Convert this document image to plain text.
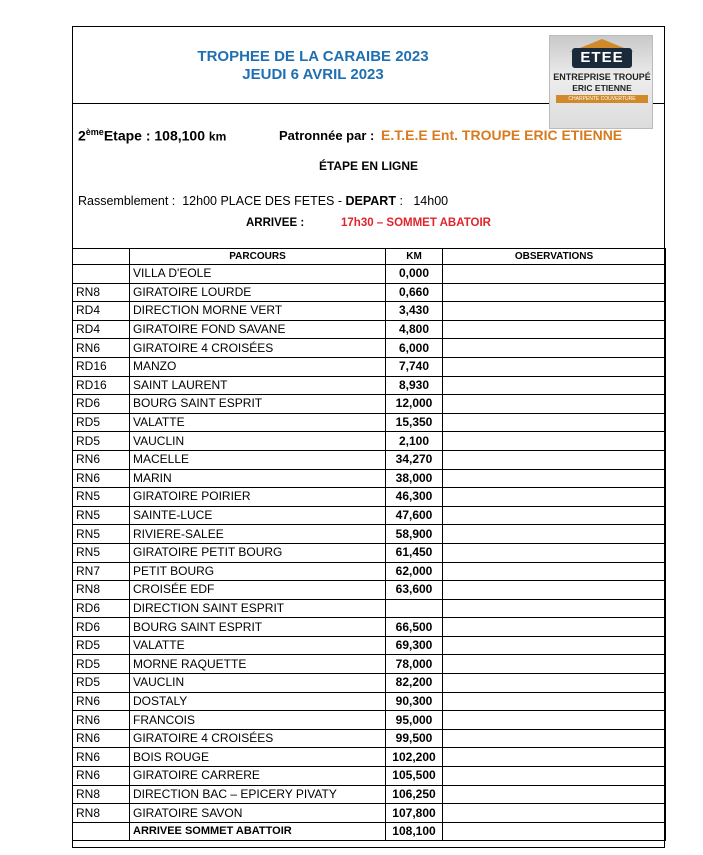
TROPHEE DE LA CARAIBE 2023
JEUDI 6 AVRIL 2023
ETEE
ENTREPRISE TROUPÉ
ERIC ETIENNE
CHARPENTE COUVERTURE
2èmeEtape : 108,100 km	Patronnée par : E.T.E.E Ent. TROUPE ERIC ETIENNE
ÉTAPE EN LIGNE
Rassemblement : 12h00 PLACE DES FETES - DEPART : 14h00
ARRIVEE :	17h30 – SOMMET ABATOIR
	PARCOURS	KM	OBSERVATIONS
	VILLA D'EOLE	0,000	
RN8	GIRATOIRE LOURDE	0,660	
RD4	DIRECTION MORNE VERT	3,430	
RD4	GIRATOIRE FOND SAVANE	4,800	
RN6	GIRATOIRE 4 CROISÉES	6,000	
RD16	MANZO	7,740	
RD16	SAINT LAURENT	8,930	
RD6	BOURG SAINT ESPRIT	12,000	
RD5	VALATTE	15,350	
RD5	VAUCLIN	2,100	
RN6	MACELLE	34,270	
RN6	MARIN	38,000	
RN5	GIRATOIRE POIRIER	46,300	
RN5	SAINTE-LUCE	47,600	
RN5	RIVIERE-SALEE	58,900	
RN5	GIRATOIRE PETIT BOURG	61,450	
RN7	PETIT BOURG	62,000	
RN8	CROISÉE EDF	63,600	
RD6	DIRECTION SAINT ESPRIT		
RD6	BOURG SAINT ESPRIT	66,500	
RD5	VALATTE	69,300	
RD5	MORNE RAQUETTE	78,000	
RD5	VAUCLIN	82,200	
RN6	DOSTALY	90,300	
RN6	FRANCOIS	95,000	
RN6	GIRATOIRE 4 CROISÉES	99,500	
RN6	BOIS ROUGE	102,200	
RN6	GIRATOIRE CARRERE	105,500	
RN8	DIRECTION BAC – EPICERY PIVATY	106,250	
RN8	GIRATOIRE SAVON	107,800	
	ARRIVEE SOMMET ABATTOIR	108,100	
